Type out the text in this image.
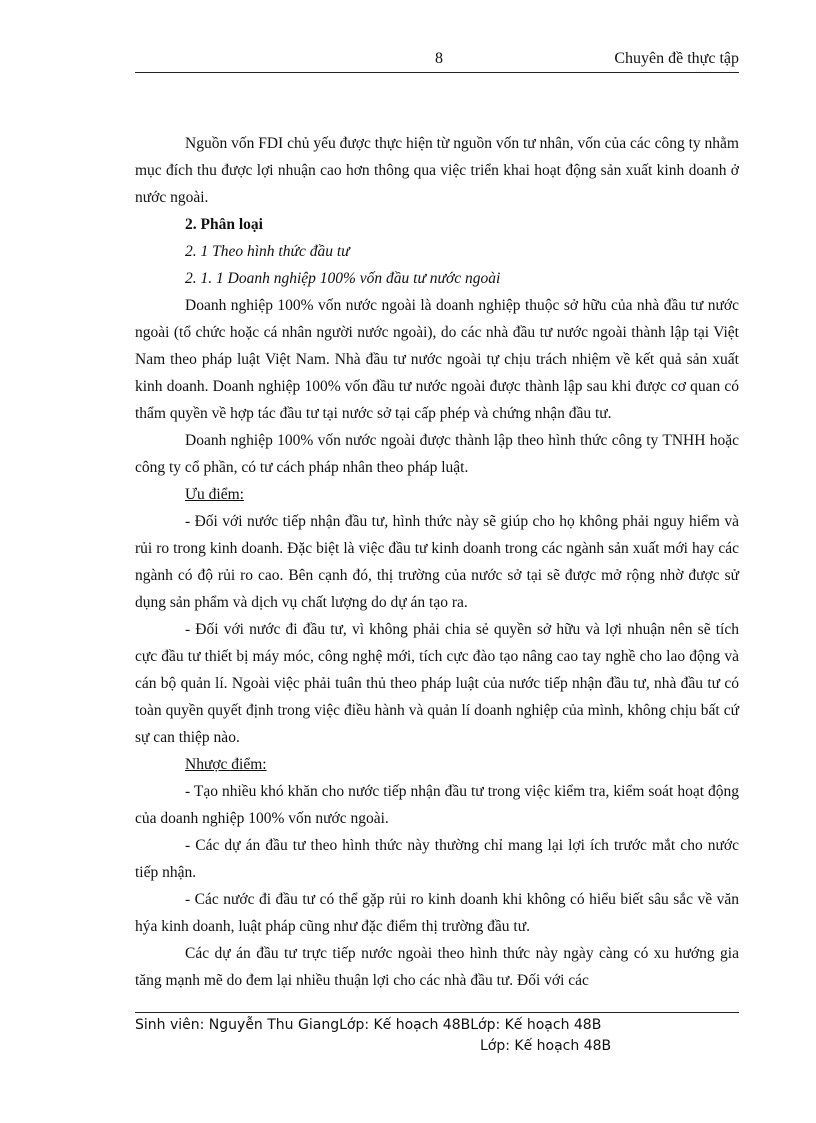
8	Chuyên đề thực tập

Nguồn vốn FDI chủ yếu được thực hiện từ nguồn vốn tư nhân, vốn của các công ty nhằm mục đích thu được lợi nhuận cao hơn thông qua việc triển khai hoạt động sản xuất kinh doanh ở nước ngoài.

2. Phân loại

2. 1 Theo hình thức đầu tư

2. 1. 1 Doanh nghiệp 100% vốn đầu tư nước ngoài

Doanh nghiệp 100% vốn nước ngoài là doanh nghiệp thuộc sở hữu của nhà đầu tư nước ngoài (tổ chức hoặc cá nhân người nước ngoài), do các nhà đầu tư nước ngoài thành lập tại Việt Nam theo pháp luật Việt Nam. Nhà đầu tư nước ngoài tự chịu trách nhiệm về kết quả sản xuất kinh doanh. Doanh nghiệp 100% vốn đầu tư nước ngoài được thành lập sau khi được cơ quan có thẩm quyền về hợp tác đầu tư tại nước sở tại cấp phép và chứng nhận đầu tư.

Doanh nghiệp 100% vốn nước ngoài được thành lập theo hình thức công ty TNHH hoặc công ty cổ phần, có tư cách pháp nhân theo pháp luật.

Ưu điểm:

- Đối với nước tiếp nhận đầu tư, hình thức này sẽ giúp cho họ không phải nguy hiểm và rủi ro trong kinh doanh. Đặc biệt là việc đầu tư kinh doanh trong các ngành sản xuất mới hay các ngành có độ rủi ro cao. Bên cạnh đó, thị trường của nước sở tại sẽ được mở rộng nhờ được sử dụng sản phẩm và dịch vụ chất lượng do dự án tạo ra.

- Đối với nước đi đầu tư, vì không phải chia sẻ quyền sở hữu và lợi nhuận nên sẽ tích cực đầu tư thiết bị máy móc, công nghệ mới, tích cực đào tạo nâng cao tay nghề cho lao động và cán bộ quản lí. Ngoài việc phải tuân thủ theo pháp luật của nước tiếp nhận đầu tư, nhà đầu tư có toàn quyền quyết định trong việc điều hành và quản lí doanh nghiệp của mình, không chịu bất cứ sự can thiệp nào.

Nhược điểm:

- Tạo nhiều khó khăn cho nước tiếp nhận đầu tư trong việc kiểm tra, kiểm soát hoạt động của doanh nghiệp 100% vốn nước ngoài.

- Các dự án đầu tư theo hình thức này thường chỉ mang lại lợi ích trước mắt cho nước tiếp nhận.

- Các nước đi đầu tư có thể gặp rủi ro kinh doanh khi không có hiểu biết sâu sắc về văn hýa kinh doanh, luật pháp cũng như đặc điểm thị trường đầu tư.

Các dự án đầu tư trực tiếp nước ngoài theo hình thức này ngày càng có xu hướng gia tăng mạnh mẽ do đem lại nhiều thuận lợi cho các nhà đầu tư. Đối với các

Sinh viên: Nguyễn Thu GiangLớp: Kế hoạch 48BLớp: Kế hoạch 48B
Lớp: Kế hoạch 48B
